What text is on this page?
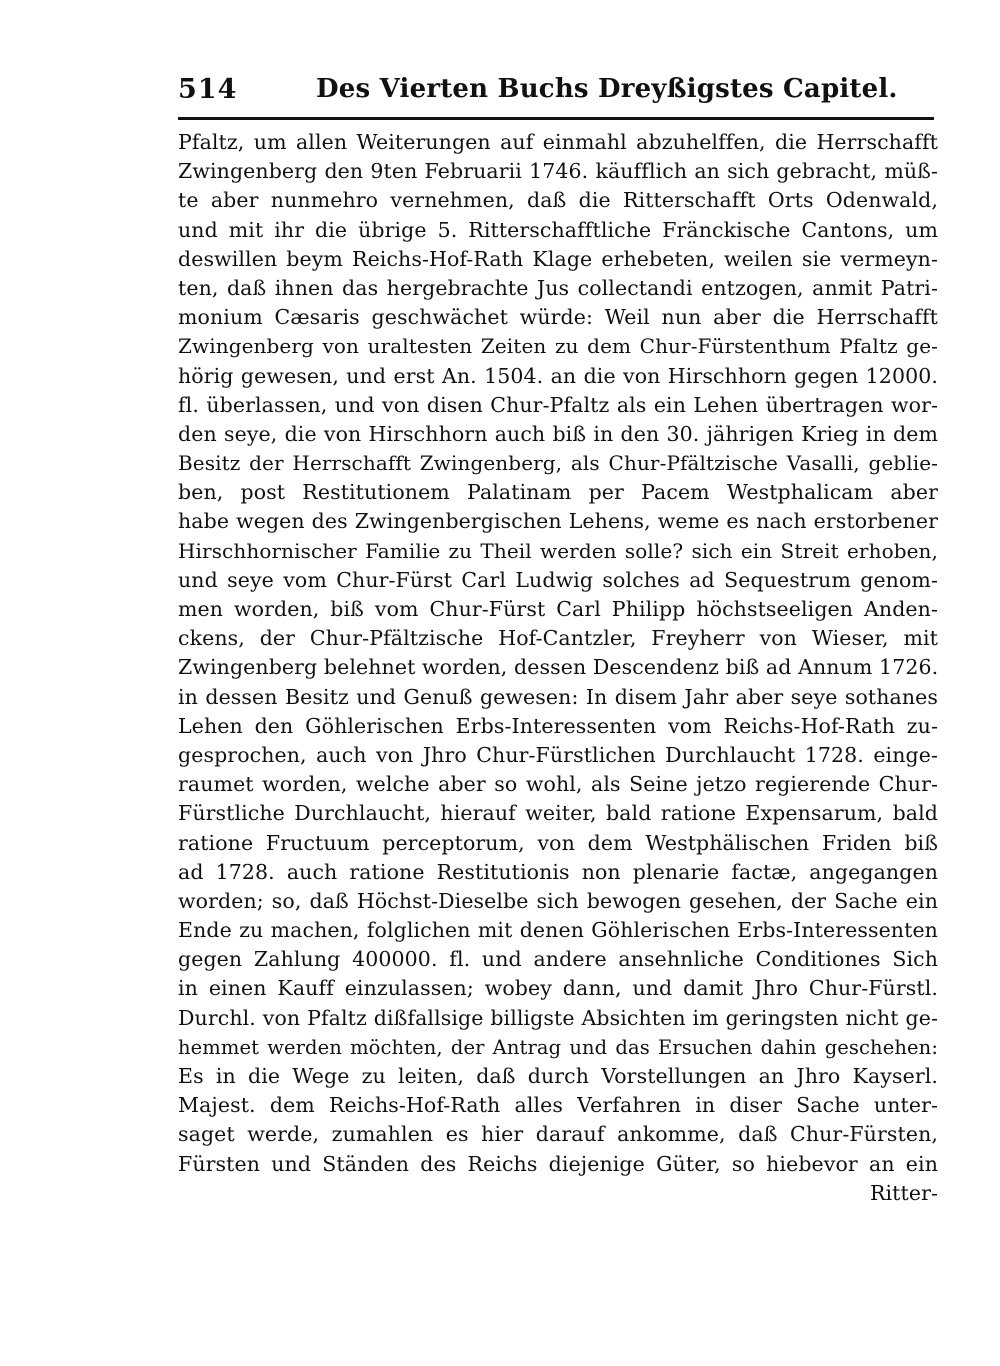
514	Des Vierten Buchs Dreyßigstes Capitel.
Pfaltz, um allen Weiterungen auf einmahl abzuhelffen, die Herrschafft
Zwingenberg den 9ten Februarii 1746. käufflich an sich gebracht, müß-
te aber nunmehro vernehmen, daß die Ritterschafft Orts Odenwald,
und mit ihr die übrige 5. Ritterschafftliche Fränckische Cantons, um
deswillen beym Reichs-Hof-Rath Klage erhebeten, weilen sie vermeyn-
ten, daß ihnen das hergebrachte Jus collectandi entzogen, anmit Patri-
monium Cæsaris geschwächet würde: Weil nun aber die Herrschafft
Zwingenberg von uraltesten Zeiten zu dem Chur-Fürstenthum Pfaltz ge-
hörig gewesen, und erst An. 1504. an die von Hirschhorn gegen 12000.
fl. überlassen, und von disen Chur-Pfaltz als ein Lehen übertragen wor-
den seye, die von Hirschhorn auch biß in den 30. jährigen Krieg in dem
Besitz der Herrschafft Zwingenberg, als Chur-Pfältzische Vasalli, geblie-
ben, post Restitutionem Palatinam per Pacem Westphalicam aber
habe wegen des Zwingenbergischen Lehens, weme es nach erstorbener
Hirschhornischer Familie zu Theil werden solle? sich ein Streit erhoben,
und seye vom Chur-Fürst Carl Ludwig solches ad Sequestrum genom-
men worden, biß vom Chur-Fürst Carl Philipp höchstseeligen Anden-
ckens, der Chur-Pfältzische Hof-Cantzler, Freyherr von Wieser, mit
Zwingenberg belehnet worden, dessen Descendenz biß ad Annum 1726.
in dessen Besitz und Genuß gewesen: In disem Jahr aber seye sothanes
Lehen den Göhlerischen Erbs-Interessenten vom Reichs-Hof-Rath zu-
gesprochen, auch von Jhro Chur-Fürstlichen Durchlaucht 1728. einge-
raumet worden, welche aber so wohl, als Seine jetzo regierende Chur-
Fürstliche Durchlaucht, hierauf weiter, bald ratione Expensarum, bald
ratione Fructuum perceptorum, von dem Westphälischen Friden biß
ad 1728. auch ratione Restitutionis non plenarie factæ, angegangen
worden; so, daß Höchst-Dieselbe sich bewogen gesehen, der Sache ein
Ende zu machen, folglichen mit denen Göhlerischen Erbs-Interessenten
gegen Zahlung 400000. fl. und andere ansehnliche Conditiones Sich
in einen Kauff einzulassen; wobey dann, und damit Jhro Chur-Fürstl.
Durchl. von Pfaltz dißfallsige billigste Absichten im geringsten nicht ge-
hemmet werden möchten, der Antrag und das Ersuchen dahin geschehen:
Es in die Wege zu leiten, daß durch Vorstellungen an Jhro Kayserl.
Majest. dem Reichs-Hof-Rath alles Verfahren in diser Sache unter-
saget werde, zumahlen es hier darauf ankomme, daß Chur-Fürsten,
Fürsten und Ständen des Reichs diejenige Güter, so hiebevor an ein
Ritter-
